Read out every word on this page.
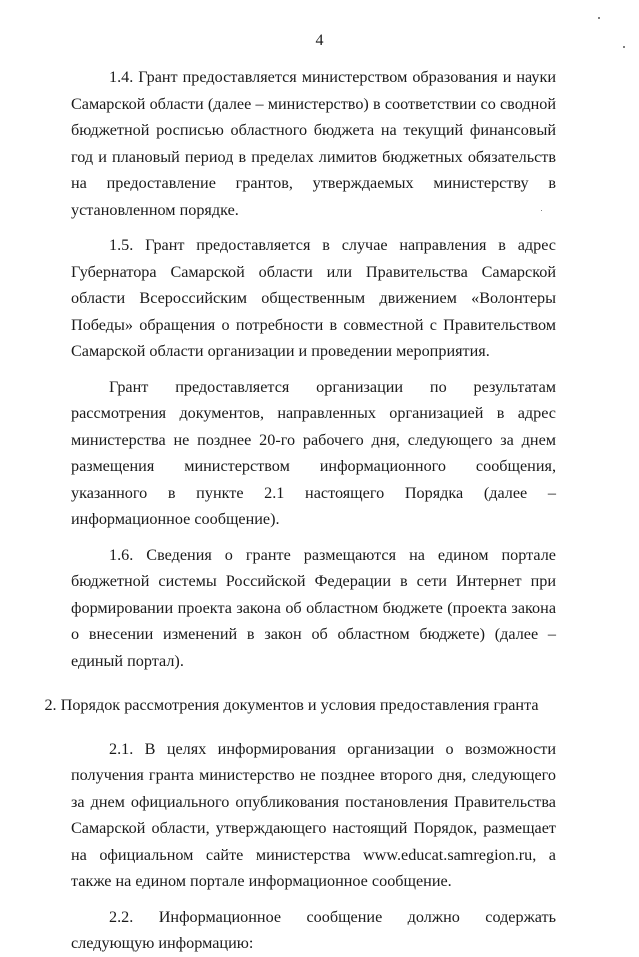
4

1.4. Грант предоставляется министерством образования и науки Самарской области (далее – министерство) в соответствии со сводной бюджетной росписью областного бюджета на текущий финансовый год и плановый период в пределах лимитов бюджетных обязательств на предоставление грантов, утверждаемых министерству в установленном порядке.

1.5. Грант предоставляется в случае направления в адрес Губернатора Самарской области или Правительства Самарской области Всероссийским общественным движением «Волонтеры Победы» обращения о потребности в совместной с Правительством Самарской области организации и проведении мероприятия.

Грант предоставляется организации по результатам рассмотрения документов, направленных организацией в адрес министерства не позднее 20-го рабочего дня, следующего за днем размещения министерством информационного сообщения, указанного в пункте 2.1 настоящего Порядка (далее – информационное сообщение).

1.6. Сведения о гранте размещаются на едином портале бюджетной системы Российской Федерации в сети Интернет при формировании проекта закона об областном бюджете (проекта закона о внесении изменений в закон об областном бюджете) (далее – единый портал).

2. Порядок рассмотрения документов и условия предоставления гранта

2.1. В целях информирования организации о возможности получения гранта министерство не позднее второго дня, следующего за днем официального опубликования постановления Правительства Самарской области, утверждающего настоящий Порядок, размещает на официальном сайте министерства www.educat.samregion.ru, а также на едином портале информационное сообщение.

2.2. Информационное сообщение должно содержать следующую информацию:
